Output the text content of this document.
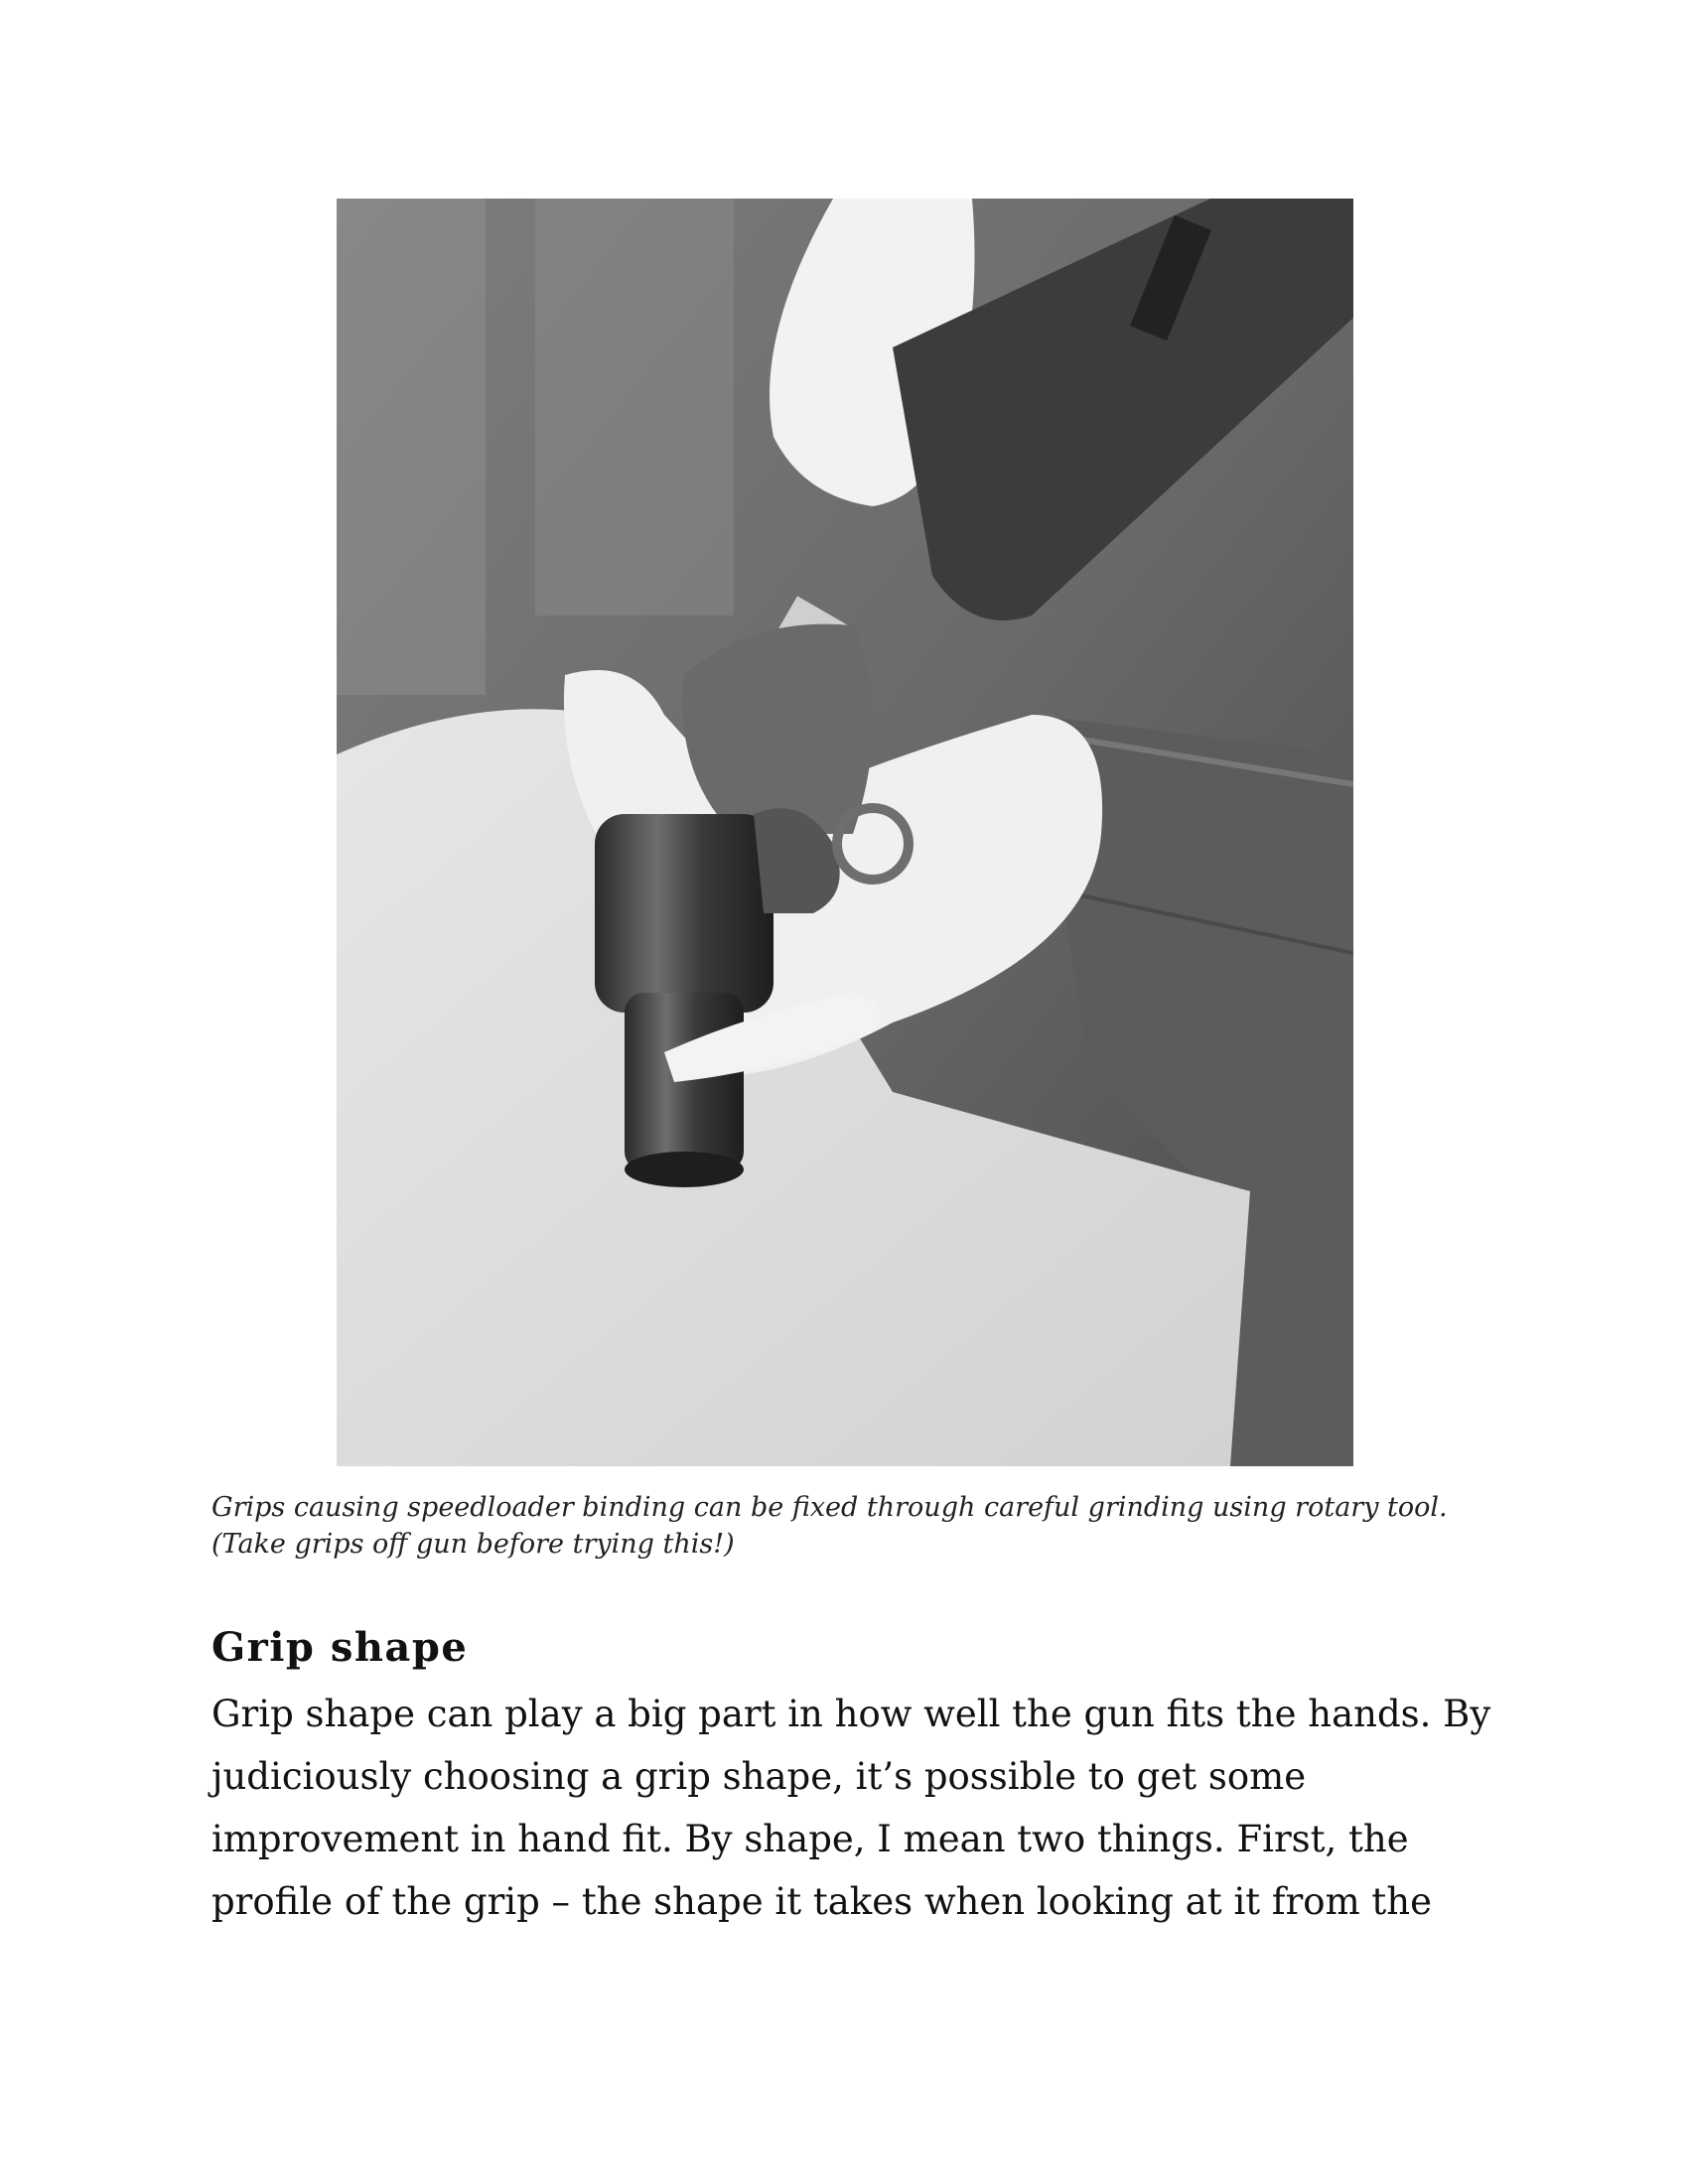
Grips causing speedloader binding can be fixed through careful grinding using rotary tool.
(Take grips off gun before trying this!)
Grip shape

Grip shape can play a big part in how well the gun fits the hands. By
judiciously choosing a grip shape, it’s possible to get some
improvement in hand fit. By shape, I mean two things. First, the
profile of the grip – the shape it takes when looking at it from the
